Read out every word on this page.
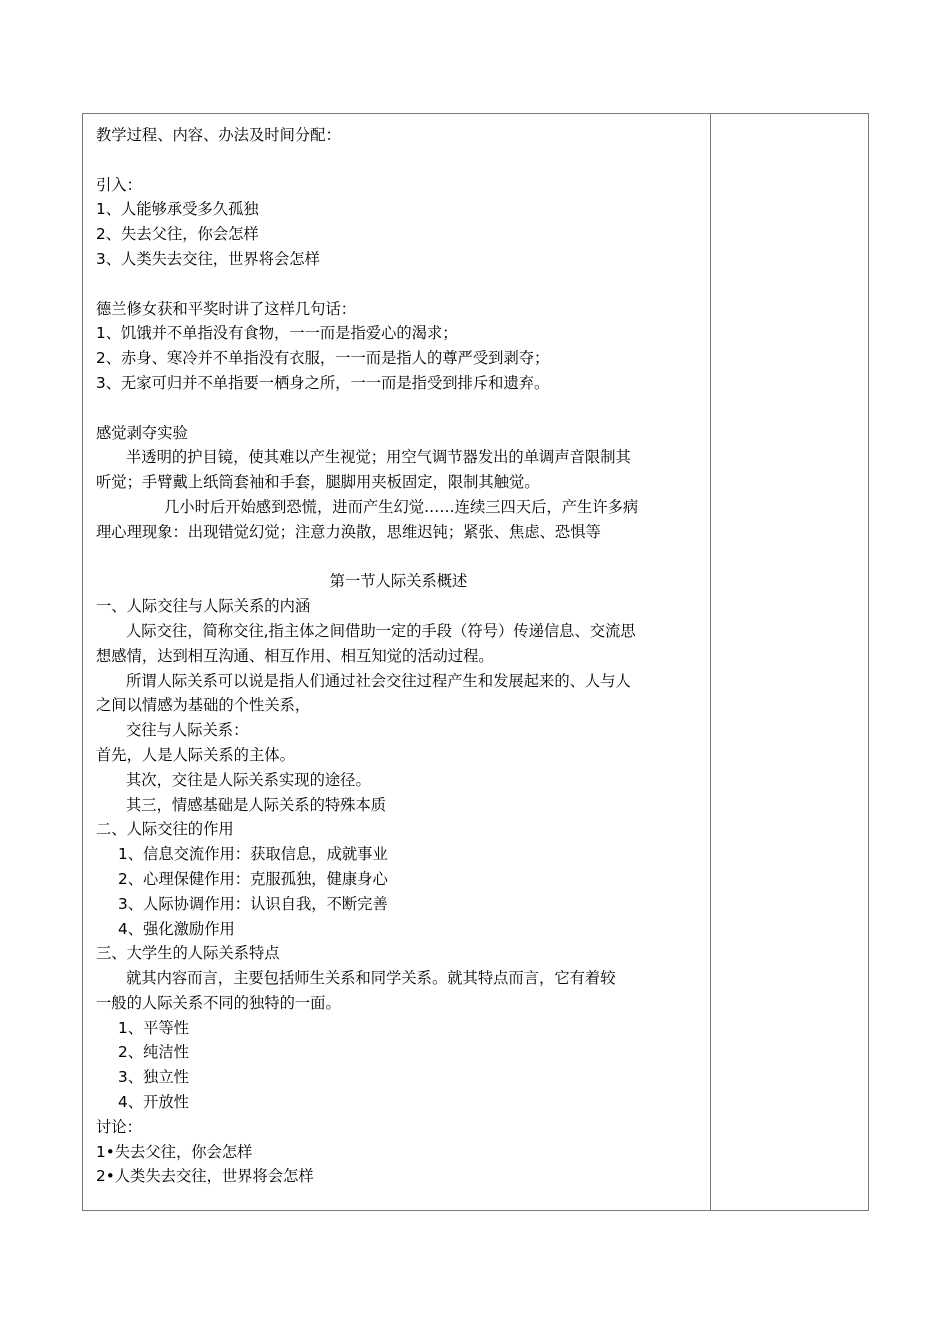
教学过程、内容、办法及时间分配：
引入：
1、人能够承受多久孤独
2、失去父往，你会怎样
3、人类失去交往，世界将会怎样
德兰修女获和平奖时讲了这样几句话：
1、饥饿并不单指没有食物，一一而是指爱心的渴求；
2、赤身、寒冷并不单指没有衣服，一一而是指人的尊严受到剥夺；
3、无家可归并不单指要一栖身之所，一一而是指受到排斥和遗弃。
感觉剥夺实验
半透明的护目镜，使其难以产生视觉；用空气调节器发出的单调声音限制其
听觉；手臂戴上纸筒套袖和手套，腿脚用夹板固定，限制其触觉。
几小时后开始感到恐慌，进而产生幻觉……连续三四天后，产生许多病
理心理现象：出现错觉幻觉；注意力涣散，思维迟钝；紧张、焦虑、恐惧等
第一节人际关系概述
一、人际交往与人际关系的内涵
人际交往，简称交往,指主体之间借助一定的手段（符号）传递信息、交流思
想感情，达到相互沟通、相互作用、相互知觉的活动过程。
所谓人际关系可以说是指人们通过社会交往过程产生和发展起来的、人与人
之间以情感为基础的个性关系，
交往与人际关系：
首先，人是人际关系的主体。
其次，交往是人际关系实现的途径。
其三，情感基础是人际关系的特殊本质
二、人际交往的作用
1、信息交流作用：获取信息，成就事业
2、心理保健作用：克服孤独，健康身心
3、人际协调作用：认识自我，不断完善
4、强化激励作用
三、大学生的人际关系特点
就其内容而言，主要包括师生关系和同学关系。就其特点而言，它有着较
一般的人际关系不同的独特的一面。
1、平等性
2、纯洁性
3、独立性
4、开放性
讨论：
1•失去父往，你会怎样
2•人类失去交往，世界将会怎样
